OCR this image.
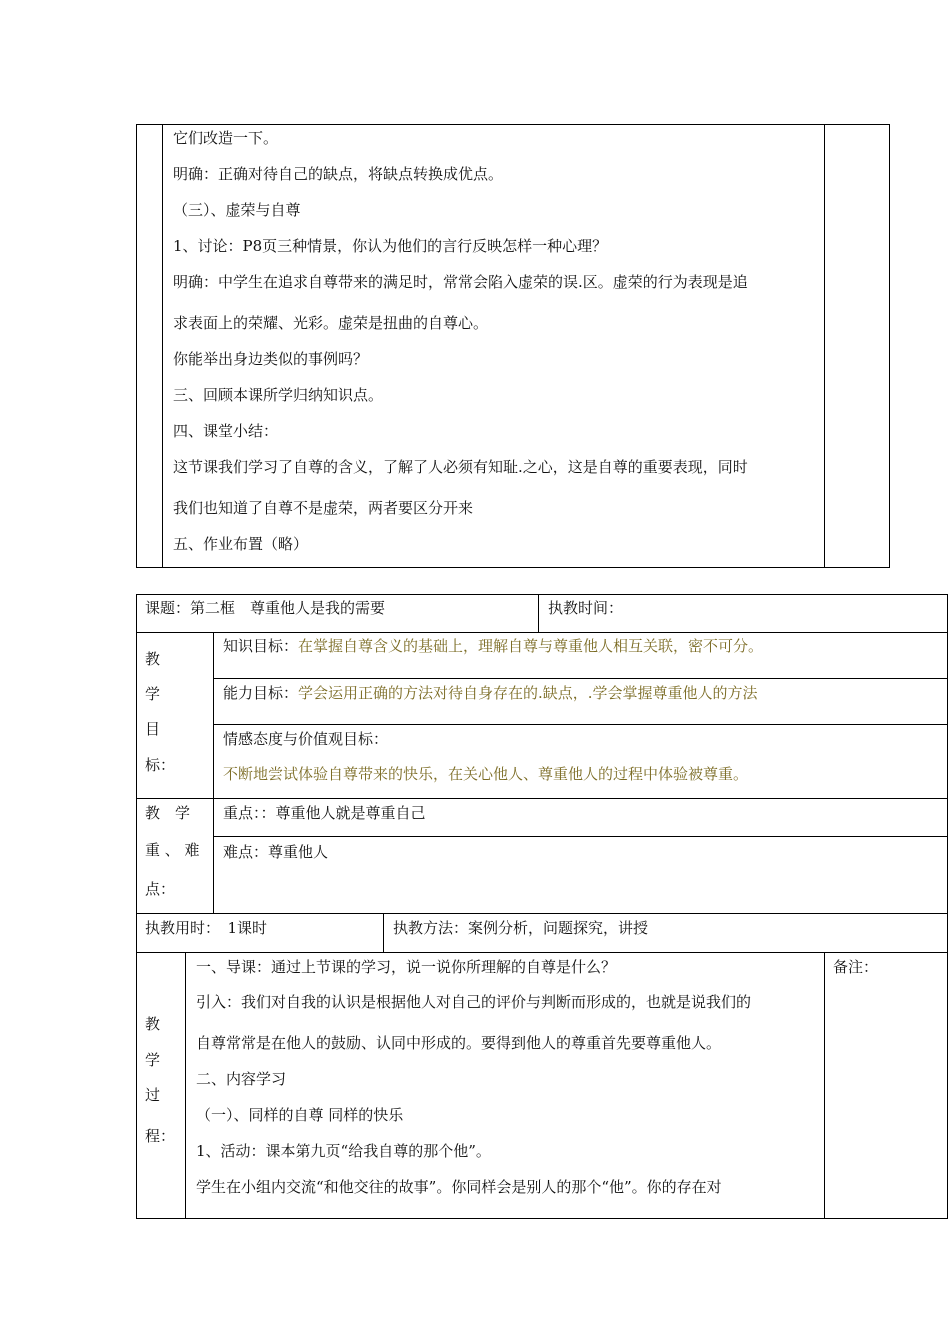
它们改造一下。
明确：正确对待自己的缺点，将缺点转换成优点。
（三）、虚荣与自尊
1、讨论：P8页三种情景，你认为他们的言行反映怎样一种心理？
明确：中学生在追求自尊带来的满足时，常常会陷入虚荣的误.区。虚荣的行为表现是追
求表面上的荣耀、光彩。虚荣是扭曲的自尊心。
你能举出身边类似的事例吗？
三、回顾本课所学归纳知识点。
四、课堂小结：
这节课我们学习了自尊的含义，了解了人必须有知耻.之心，这是自尊的重要表现，同时
我们也知道了自尊不是虚荣，两者要区分开来
五、作业布置（略）
课题：第二框　尊重他人是我的需要	执教时间：
教
学
目
标：
知识目标：在掌握自尊含义的基础上，理解自尊与尊重他人相互关联，密不可分。
能力目标：学会运用正确的方法对待自身存在的.缺点，.学会掌握尊重他人的方法
情感态度与价值观目标：
不断地尝试体验自尊带来的快乐，在关心他人、尊重他人的过程中体验被尊重。
教　学
重 、 难
点：
重点：：尊重他人就是尊重自己
难点：尊重他人
执教用时：　1课时	执教方法：案例分析，问题探究，讲授
教
学
过
程：
备注：
一、导课：通过上节课的学习，说一说你所理解的自尊是什么？
引入：我们对自我的认识是根据他人对自己的评价与判断而形成的，也就是说我们的
自尊常常是在他人的鼓励、认同中形成的。要得到他人的尊重首先要尊重他人。
二、内容学习
（一）、同样的自尊 同样的快乐
1、活动：课本第九页“给我自尊的那个他”。
学生在小组内交流“和他交往的故事”。你同样会是别人的那个“他”。你的存在对
